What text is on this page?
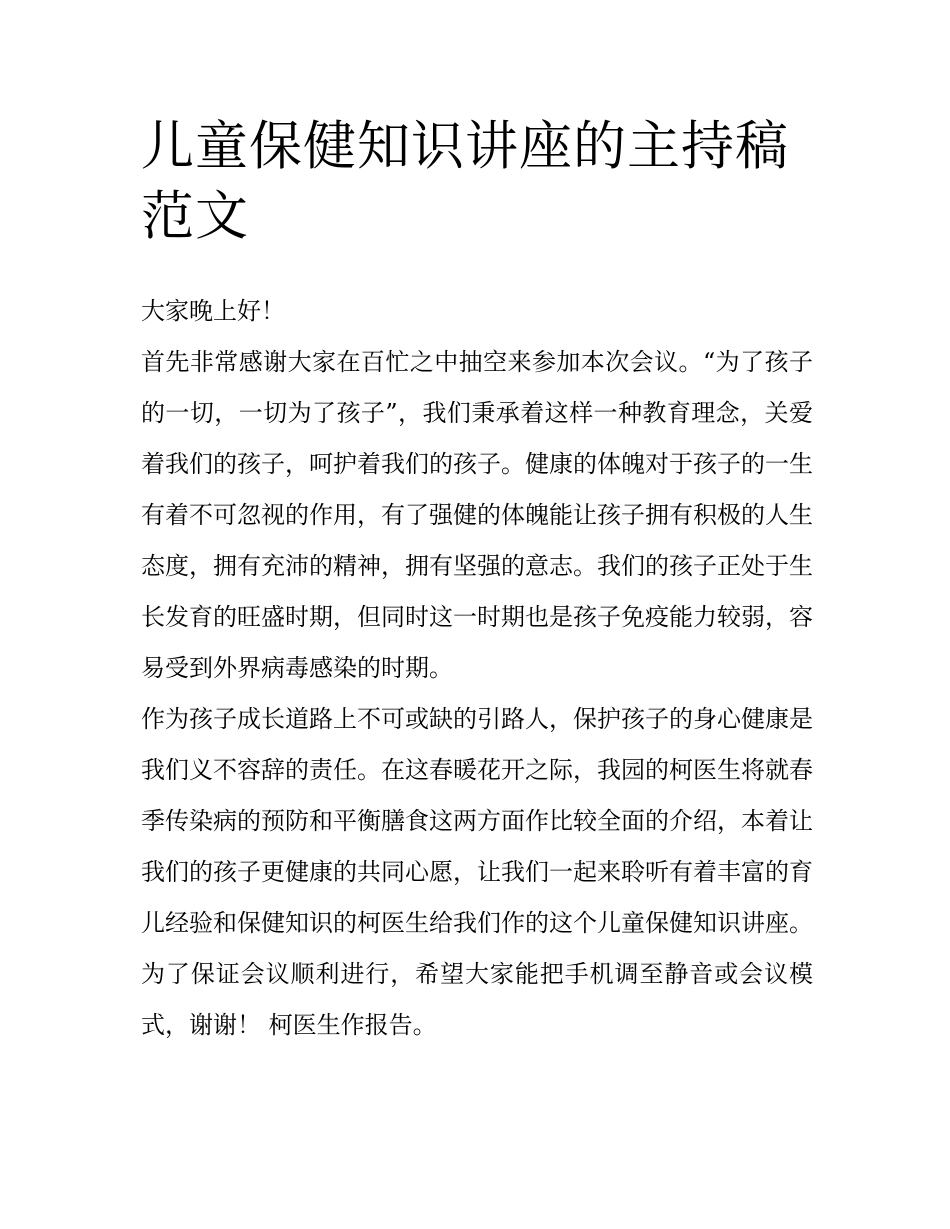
儿童保健知识讲座的主持稿范文

大家晚上好！

首先非常感谢大家在百忙之中抽空来参加本次会议。“为了孩子的一切，一切为了孩子”，我们秉承着这样一种教育理念，关爱着我们的孩子，呵护着我们的孩子。健康的体魄对于孩子的一生有着不可忽视的作用，有了强健的体魄能让孩子拥有积极的人生态度，拥有充沛的精神，拥有坚强的意志。我们的孩子正处于生长发育的旺盛时期，但同时这一时期也是孩子免疫能力较弱，容易受到外界病毒感染的时期。

作为孩子成长道路上不可或缺的引路人，保护孩子的身心健康是我们义不容辞的责任。在这春暖花开之际，我园的柯医生将就春季传染病的预防和平衡膳食这两方面作比较全面的介绍，本着让我们的孩子更健康的共同心愿，让我们一起来聆听有着丰富的育儿经验和保健知识的柯医生给我们作的这个儿童保健知识讲座。

为了保证会议顺利进行，希望大家能把手机调至静音或会议模式，谢谢！ 柯医生作报告。
